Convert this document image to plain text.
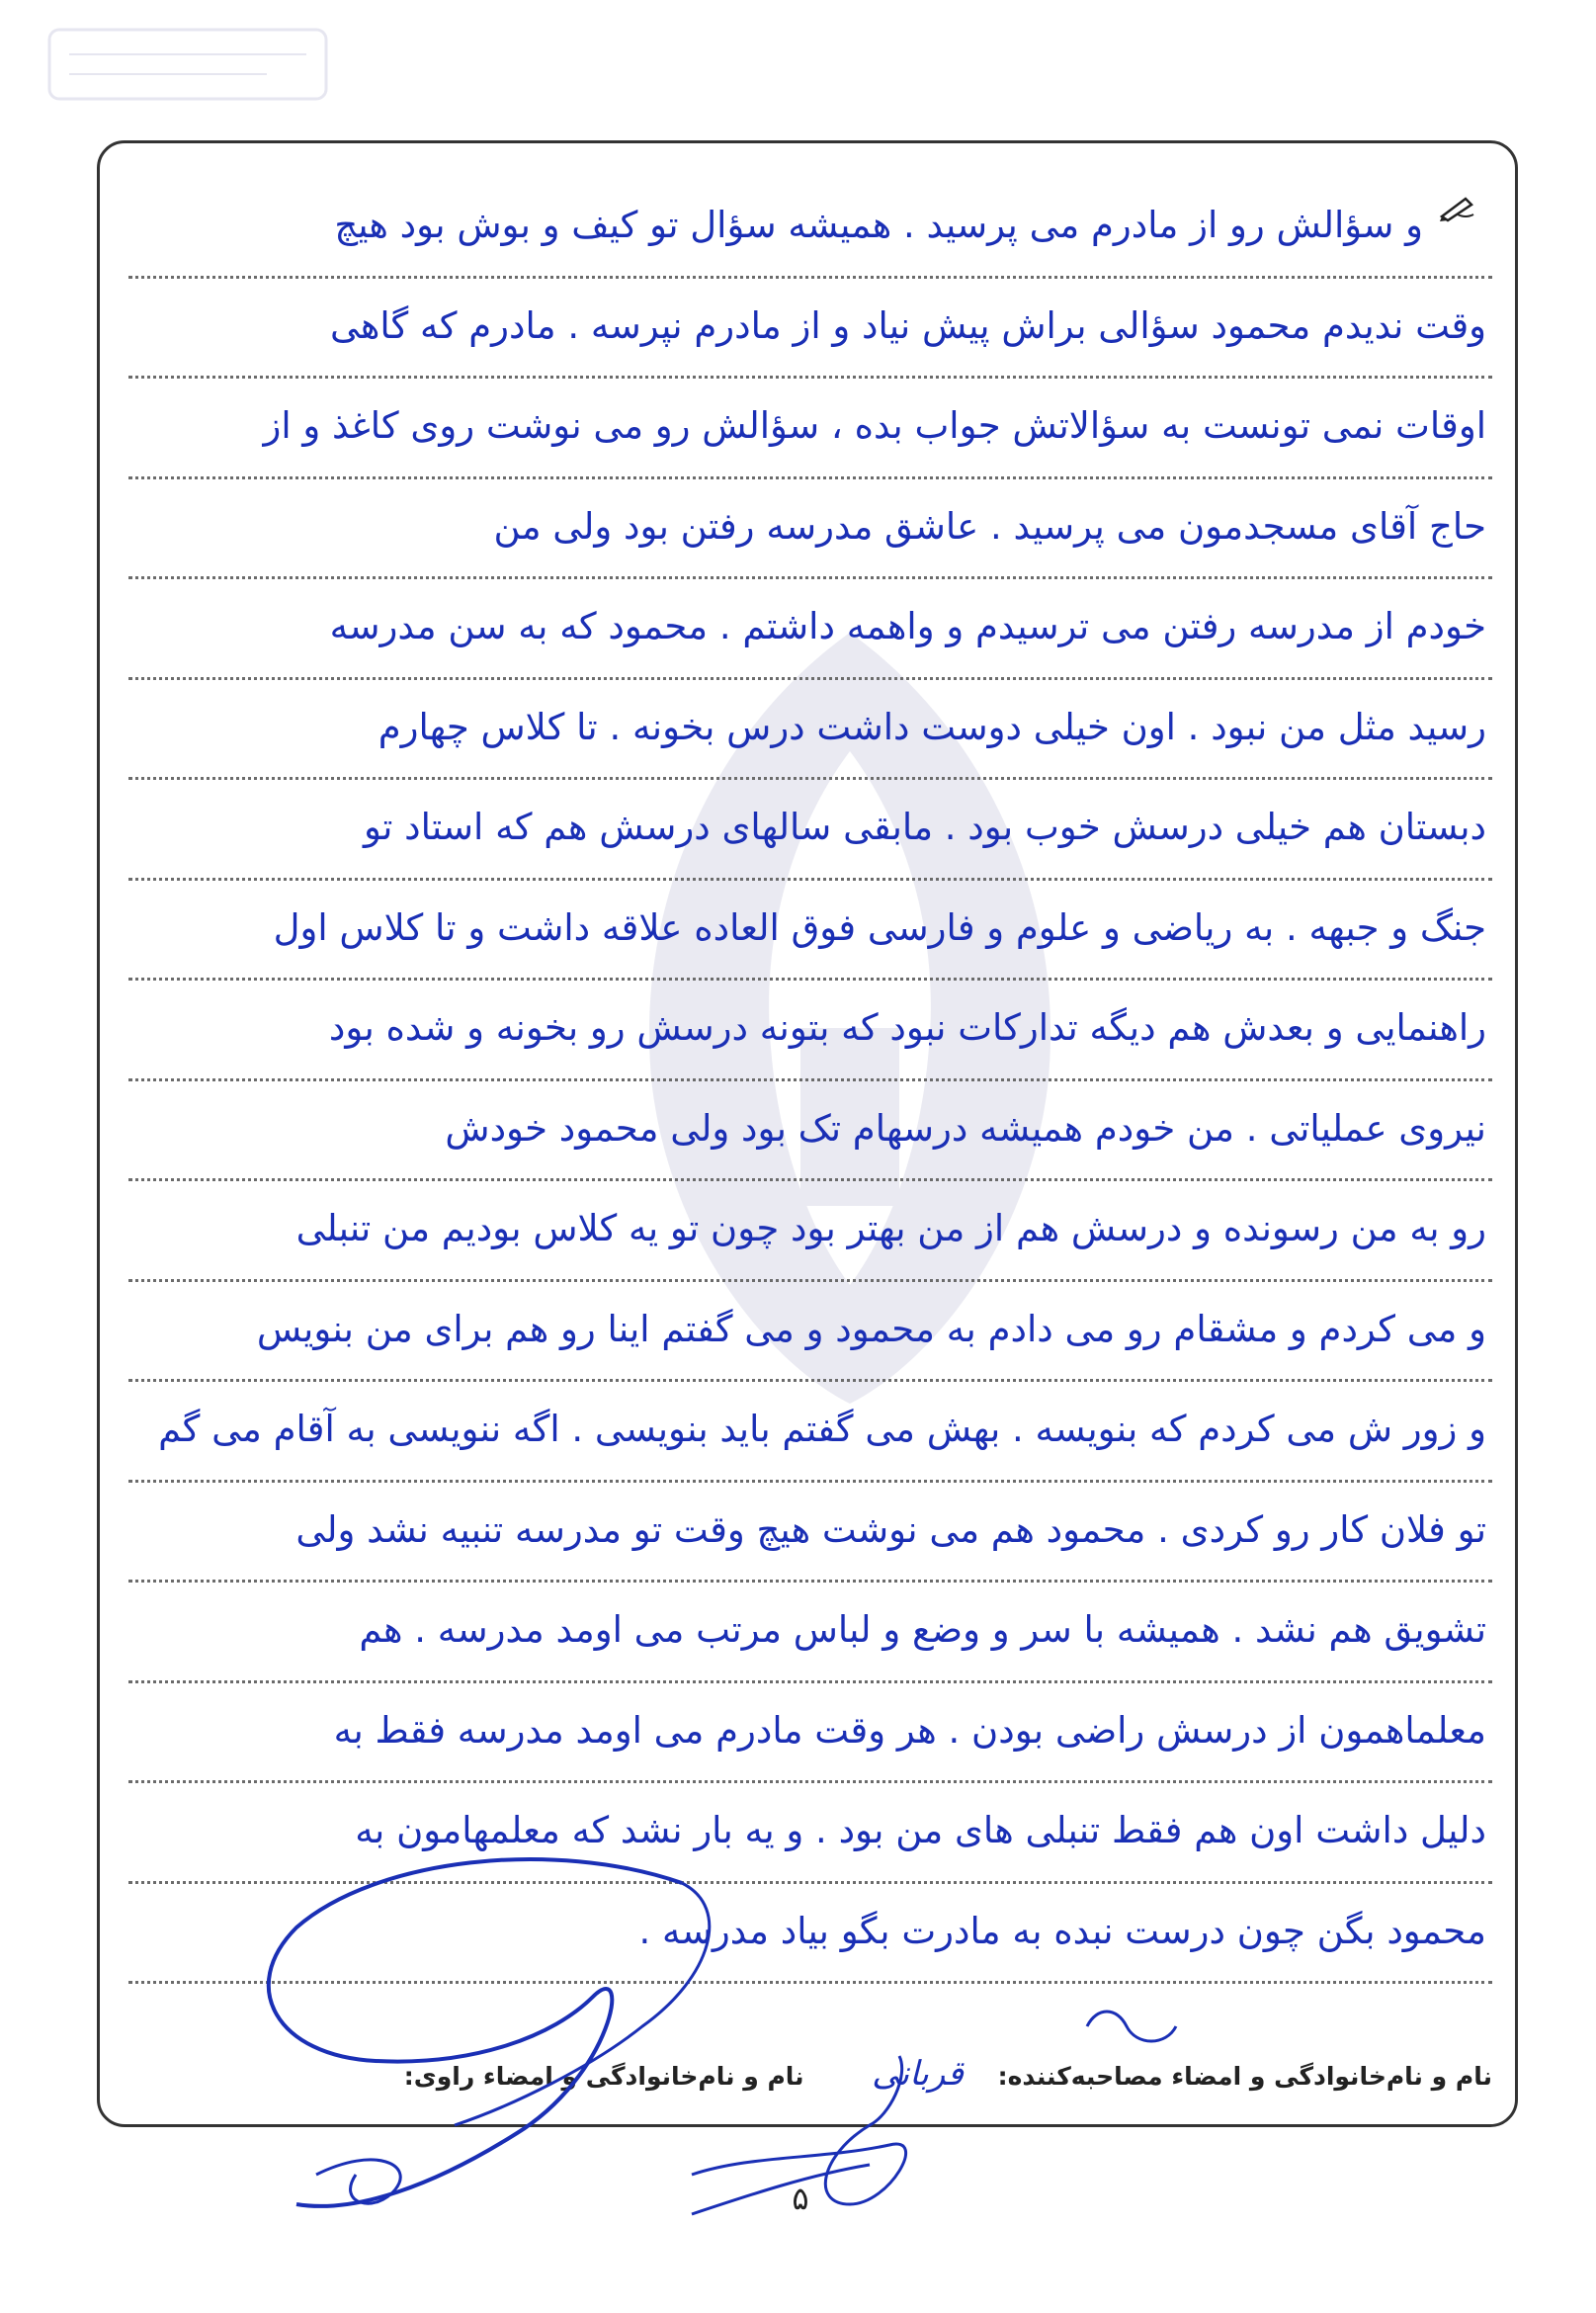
و سؤالش رو از مادرم می پرسید . همیشه سؤال تو کیف و بوش بود هیچ
وقت ندیدم محمود سؤالی براش پیش نیاد و از مادرم نپرسه . مادرم که گاهی
اوقات نمی تونست به سؤالاتش جواب بده ، سؤالش رو می نوشت روی کاغذ و از
حاج آقای مسجدمون می پرسید . عاشق مدرسه رفتن بود ولی من
خودم از مدرسه رفتن می ترسیدم و واهمه داشتم . محمود که به سن مدرسه
رسید مثل من نبود . اون خیلی دوست داشت درس بخونه . تا کلاس چهارم
دبستان هم خیلی درسش خوب بود . مابقی سالهای درسش هم که استاد تو
جنگ و جبهه . به ریاضی و علوم و فارسی فوق العاده علاقه داشت و تا کلاس اول
راهنمایی و بعدش هم دیگه تدارکات نبود که بتونه درسش رو بخونه و شده بود
نیروی عملیاتی . من خودم همیشه درسهام تک بود ولی محمود خودش
رو به من رسونده و درسش هم از من بهتر بود چون تو یه کلاس بودیم من تنبلی
و می کردم و مشقام رو می دادم به محمود و می گفتم اینا رو هم برای من بنویس
و زور ش می کردم که بنویسه . بهش می گفتم باید بنویسی . اگه ننویسی به آقام می گم
تو فلان کار رو کردی . محمود هم می نوشت هیچ وقت تو مدرسه تنبیه نشد ولی
تشویق هم نشد . همیشه با سر و وضع و لباس مرتب می اومد مدرسه . هم
معلماهمون از درسش راضی بودن . هر وقت مادرم می اومد مدرسه فقط به
دلیل داشت اون هم فقط تنبلی های من بود . و یه بار نشد که معلمهامون به
محمود بگن چون درست نبده به مادرت بگو بیاد مدرسه .
نام و نام‌خانوادگی و امضاء مصاحبه‌کننده: قربانی نام و نام‌خانوادگی و امضاء راوی:
۵
